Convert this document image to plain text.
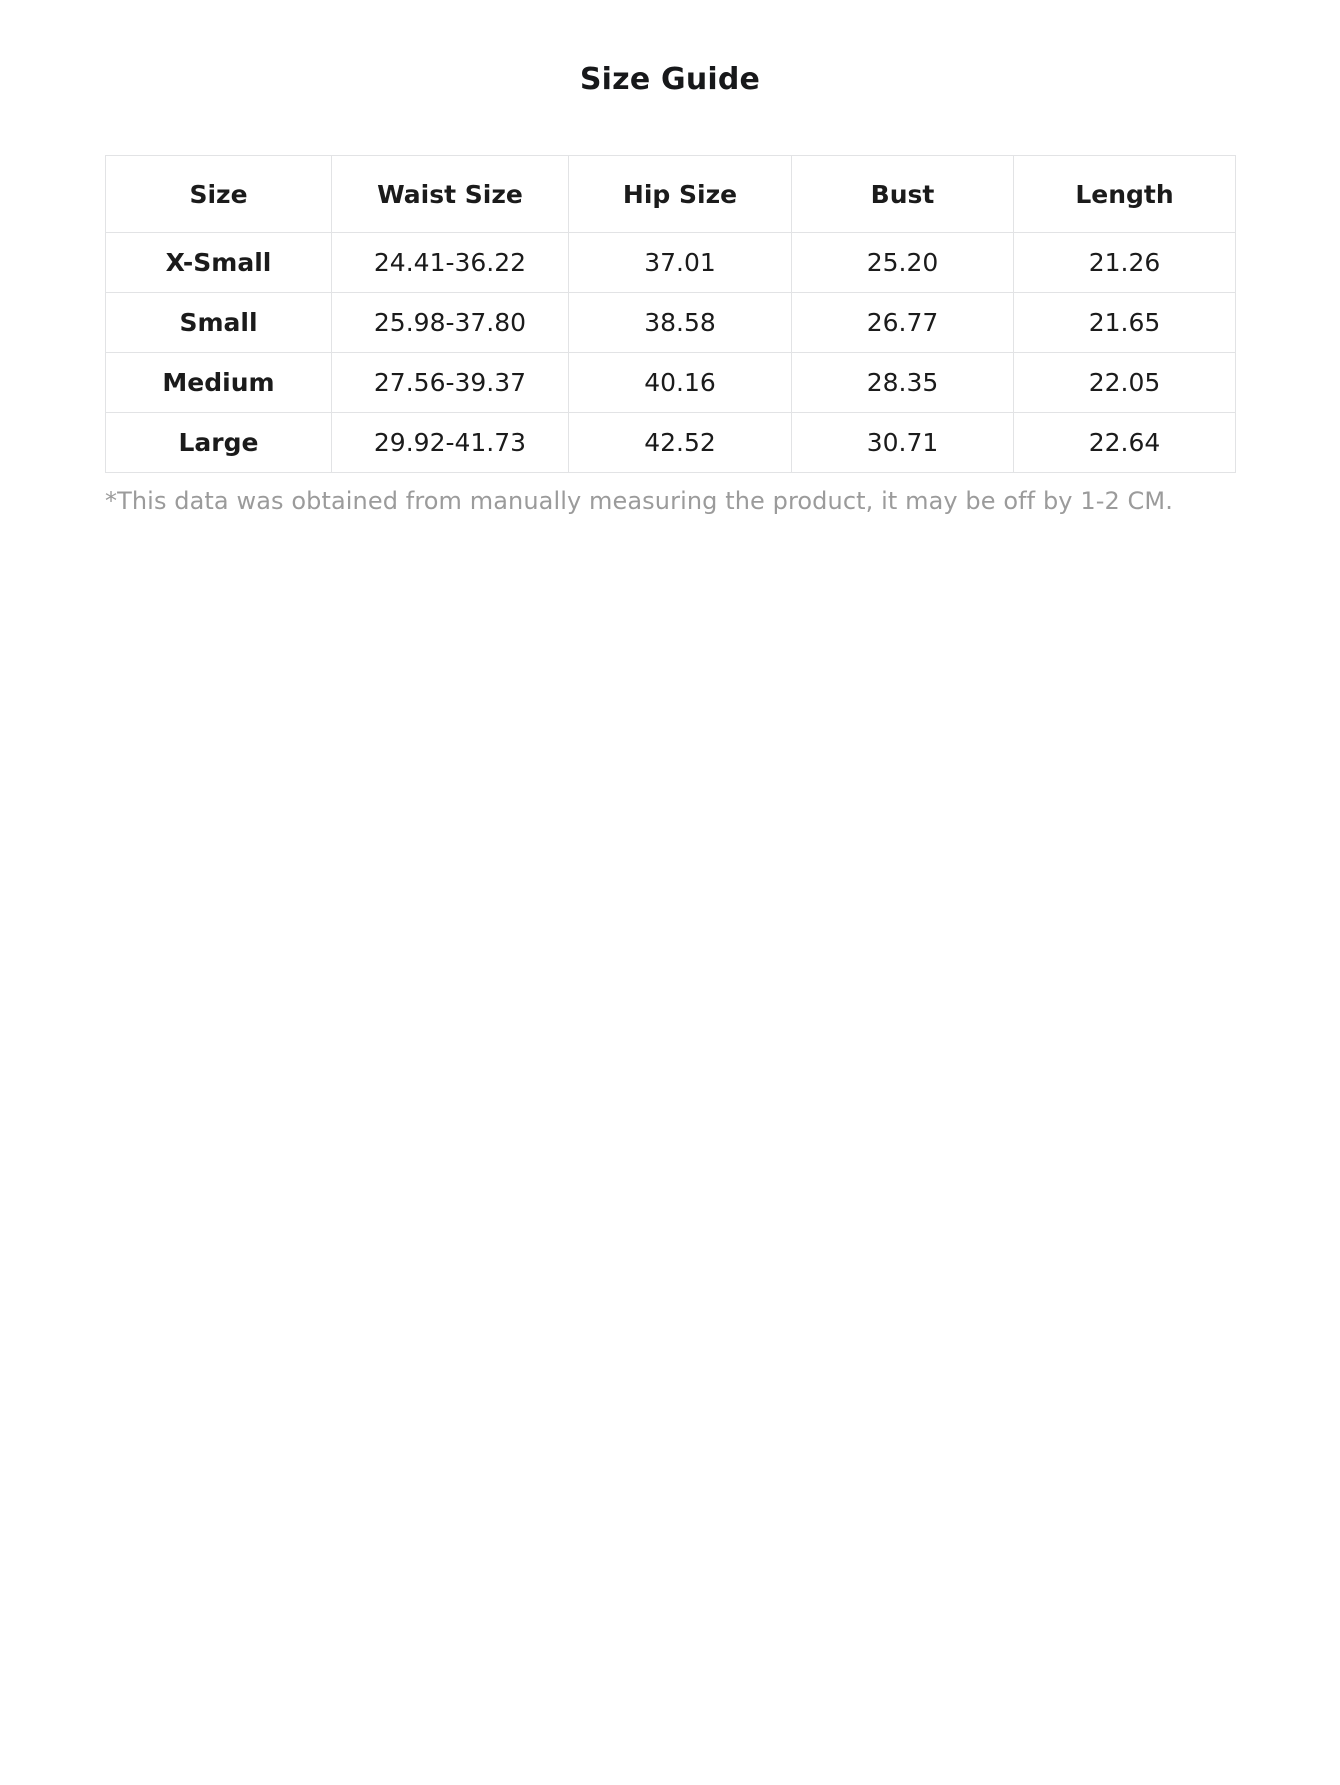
Size Guide
Size	Waist Size	Hip Size	Bust	Length
X-Small	24.41-36.22	37.01	25.20	21.26
Small	25.98-37.80	38.58	26.77	21.65
Medium	27.56-39.37	40.16	28.35	22.05
Large	29.92-41.73	42.52	30.71	22.64
*This data was obtained from manually measuring the product, it may be off by 1-2 CM.
